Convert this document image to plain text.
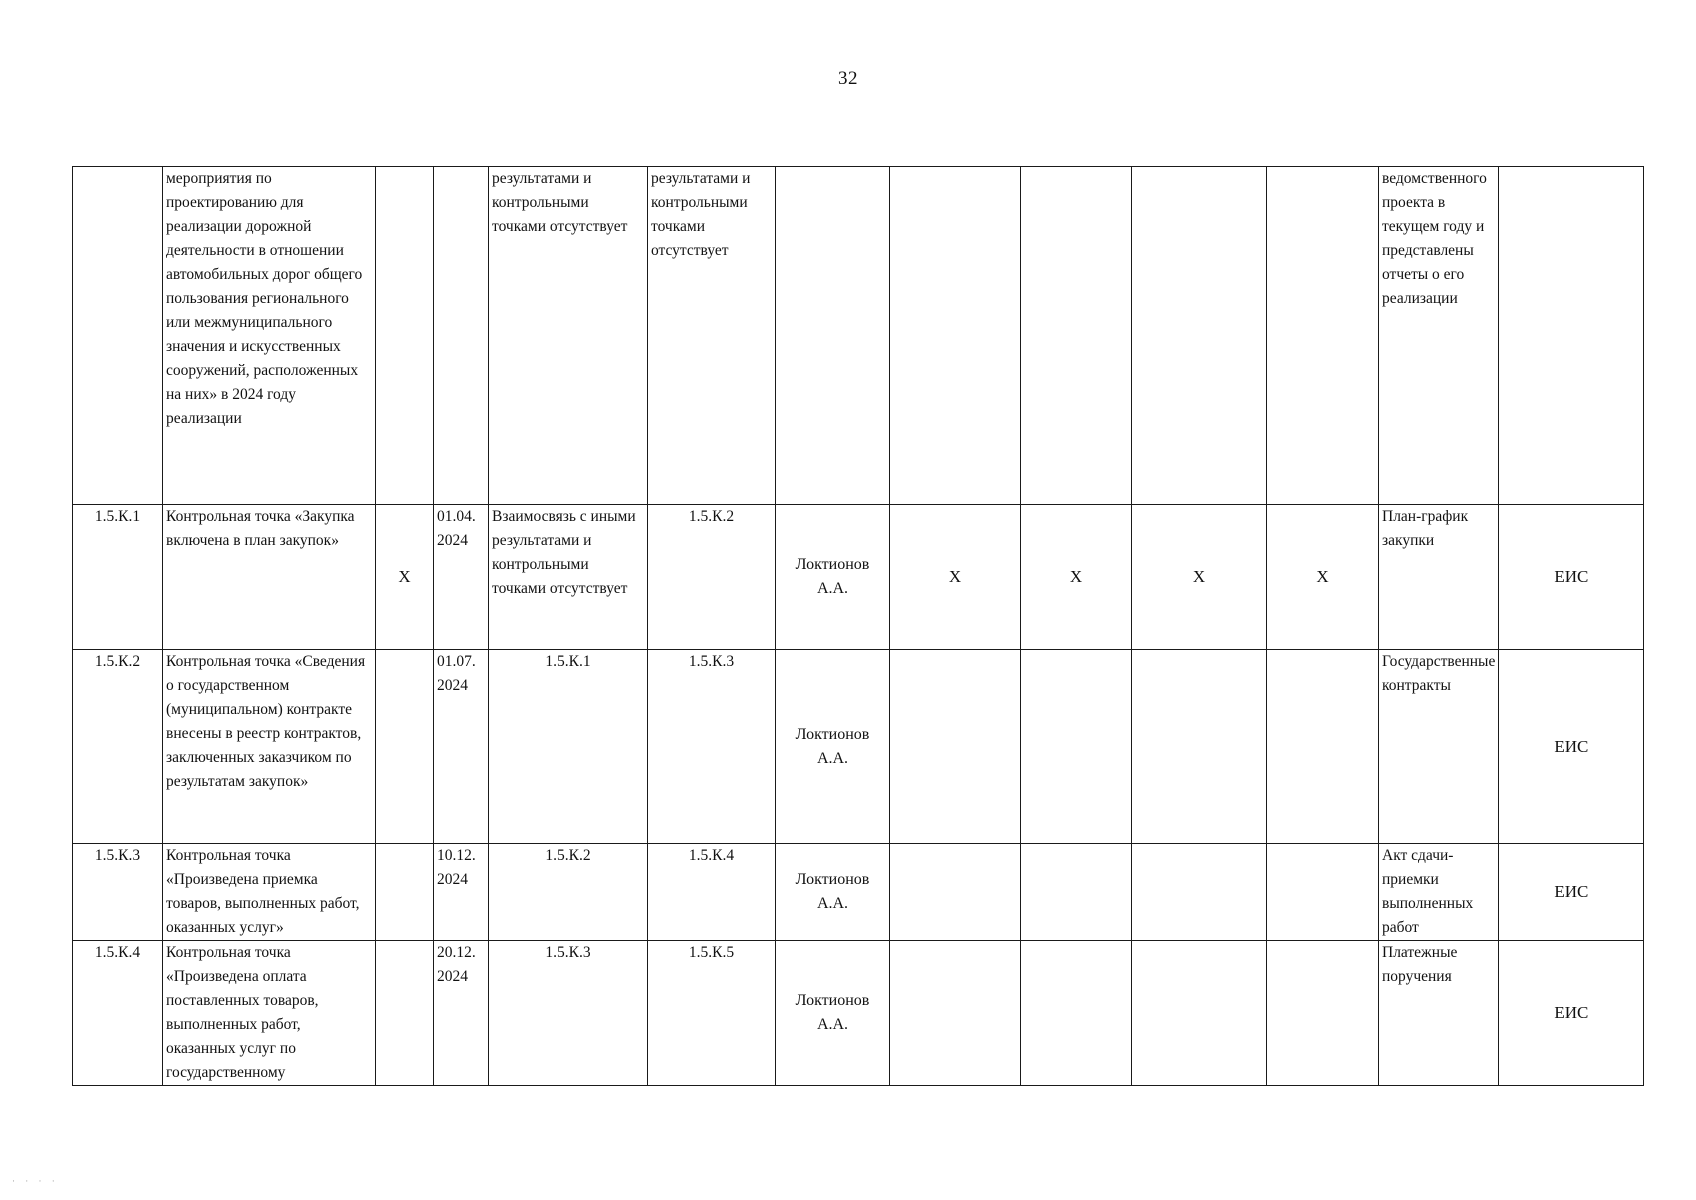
32
	мероприятия по проектированию для реализации дорожной деятельности в отношении автомобильных дорог общего пользования регионального или межмуниципального значения и искусственных сооружений, расположенных на них» в 2024 году реализации			результатами и контрольными точками отсутствует	результатами и контрольными точками отсутствует						ведомственного проекта в текущем году и представлены отчеты о его реализации	
1.5.К.1	Контрольная точка «Закупка включена в план закупок»	X	01.04. 2024	Взаимосвязь с иными результатами и контрольными точками отсутствует	1.5.К.2	Локтионов А.А.	X	X	X	X	План-график закупки	ЕИС
1.5.К.2	Контрольная точка «Сведения о государственном (муниципальном) контракте внесены в реестр контрактов, заключенных заказчиком по результатам закупок»		01.07. 2024	1.5.К.1	1.5.К.3	Локтионов А.А.					Государственные контракты	ЕИС
1.5.К.3	Контрольная точка «Произведена приемка товаров, выполненных работ, оказанных услуг»		10.12. 2024	1.5.К.2	1.5.К.4	Локтионов А.А.					Акт сдачи-приемки выполненных работ	ЕИС
1.5.К.4	Контрольная точка «Произведена оплата поставленных товаров, выполненных работ, оказанных услуг по государственному		20.12. 2024	1.5.К.3	1.5.К.5	Локтионов А.А.					Платежные поручения	ЕИС
· · · ·
